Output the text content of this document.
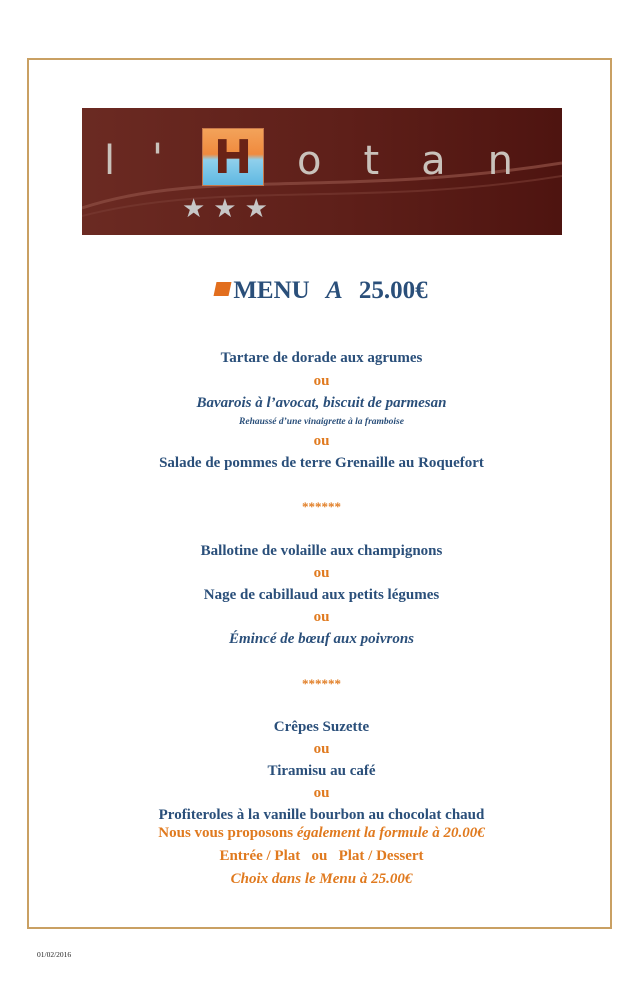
l ' H otan
★★★
MENU A 25.00€
Tartare de dorade aux agrumes
ou
Bavarois à l’avocat, biscuit de parmesan
Rehaussé d’une vinaigrette à la framboise
ou
Salade de pommes de terre Grenaille au Roquefort
******
Ballotine de volaille aux champignons
ou
Nage de cabillaud aux petits légumes
ou
Émincé de bœuf aux poivrons
******
Crêpes Suzette
ou
Tiramisu au café
ou
Profiteroles à la vanille bourbon au chocolat chaud
Nous vous proposons également la formule à 20.00€
Entrée / Plat   ou   Plat / Dessert
Choix dans le Menu à 25.00€
01/02/2016
